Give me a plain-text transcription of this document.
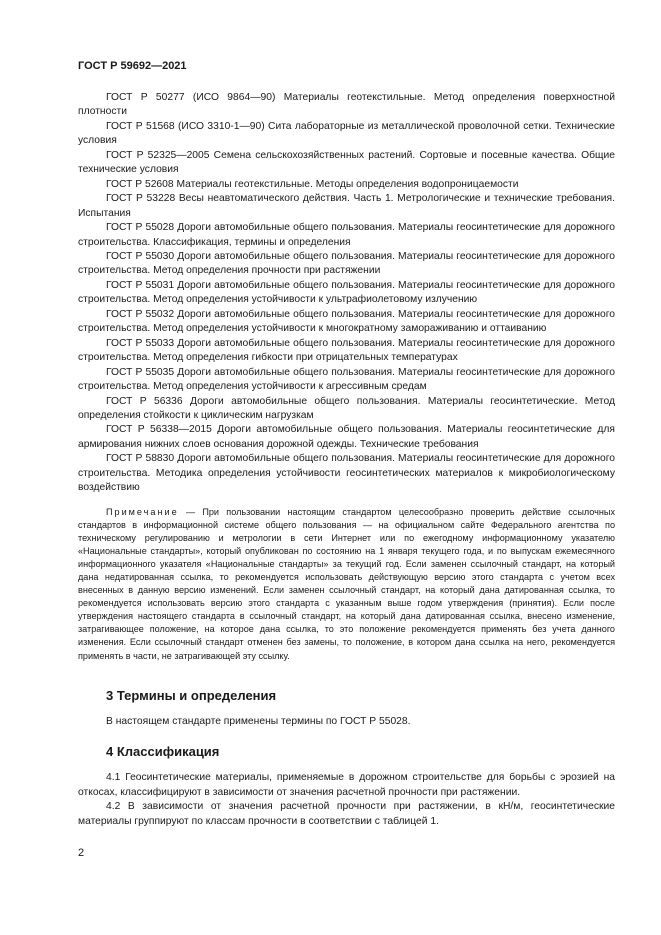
ГОСТ Р 59692—2021

ГОСТ Р 50277 (ИСО 9864—90) Материалы геотекстильные. Метод определения поверхностной плотности

ГОСТ Р 51568 (ИСО 3310-1—90) Сита лабораторные из металлической проволочной сетки. Технические условия

ГОСТ Р 52325—2005 Семена сельскохозяйственных растений. Сортовые и посевные качества. Общие технические условия

ГОСТ Р 52608 Материалы геотекстильные. Методы определения водопроницаемости

ГОСТ Р 53228 Весы неавтоматического действия. Часть 1. Метрологические и технические требования. Испытания

ГОСТ Р 55028 Дороги автомобильные общего пользования. Материалы геосинтетические для дорожного строительства. Классификация, термины и определения

ГОСТ Р 55030 Дороги автомобильные общего пользования. Материалы геосинтетические для дорожного строительства. Метод определения прочности при растяжении

ГОСТ Р 55031 Дороги автомобильные общего пользования. Материалы геосинтетические для дорожного строительства. Метод определения устойчивости к ультрафиолетовому излучению

ГОСТ Р 55032 Дороги автомобильные общего пользования. Материалы геосинтетические для дорожного строительства. Метод определения устойчивости к многократному замораживанию и оттаиванию

ГОСТ Р 55033 Дороги автомобильные общего пользования. Материалы геосинтетические для дорожного строительства. Метод определения гибкости при отрицательных температурах

ГОСТ Р 55035 Дороги автомобильные общего пользования. Материалы геосинтетические для дорожного строительства. Метод определения устойчивости к агрессивным средам

ГОСТ Р 56336 Дороги автомобильные общего пользования. Материалы геосинтетические. Метод определения стойкости к циклическим нагрузкам

ГОСТ Р 56338—2015 Дороги автомобильные общего пользования. Материалы геосинтетические для армирования нижних слоев основания дорожной одежды. Технические требования

ГОСТ Р 58830 Дороги автомобильные общего пользования. Материалы геосинтетические для дорожного строительства. Методика определения устойчивости геосинтетических материалов к микробиологическому воздействию

Примечание — При пользовании настоящим стандартом целесообразно проверить действие ссылочных стандартов в информационной системе общего пользования — на официальном сайте Федерального агентства по техническому регулированию и метрологии в сети Интернет или по ежегодному информационному указателю «Национальные стандарты», который опубликован по состоянию на 1 января текущего года, и по выпускам ежемесячного информационного указателя «Национальные стандарты» за текущий год. Если заменен ссылочный стандарт, на который дана недатированная ссылка, то рекомендуется использовать действующую версию этого стандарта с учетом всех внесенных в данную версию изменений. Если заменен ссылочный стандарт, на который дана датированная ссылка, то рекомендуется использовать версию этого стандарта с указанным выше годом утверждения (принятия). Если после утверждения настоящего стандарта в ссылочный стандарт, на который дана датированная ссылка, внесено изменение, затрагивающее положение, на которое дана ссылка, то это положение рекомендуется применять без учета данного изменения. Если ссылочный стандарт отменен без замены, то положение, в котором дана ссылка на него, рекомендуется применять в части, не затрагивающей эту ссылку.

3 Термины и определения

В настоящем стандарте применены термины по ГОСТ Р 55028.

4 Классификация

4.1 Геосинтетические материалы, применяемые в дорожном строительстве для борьбы с эрозией на откосах, классифицируют в зависимости от значения расчетной прочности при растяжении.

4.2 В зависимости от значения расчетной прочности при растяжении, в кН/м, геосинтетические материалы группируют по классам прочности в соответствии с таблицей 1.

2
